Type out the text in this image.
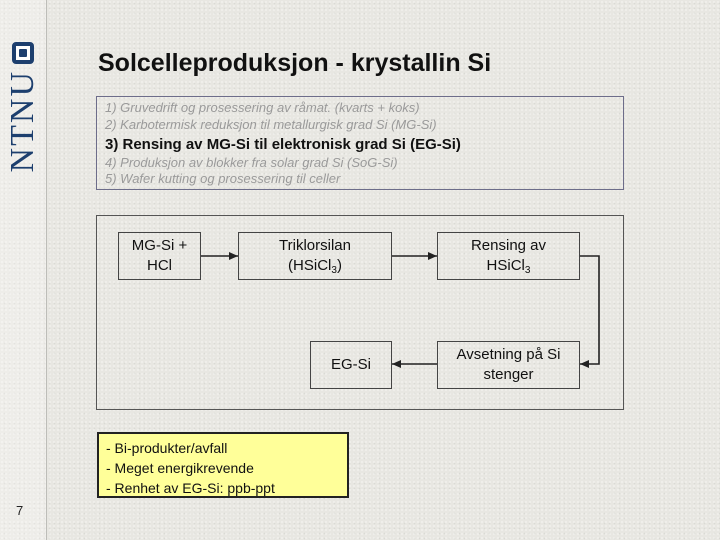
NTNU
7
Solcelleproduksjon - krystallin Si
1) Gruvedrift og prosessering av råmat. (kvarts + koks)
2) Karbotermisk reduksjon til metallurgisk grad Si (MG-Si)
3) Rensing av MG-Si til elektronisk grad Si (EG-Si)
4) Produksjon av blokker fra solar grad Si (SoG-Si)
5) Wafer kutting og prosessering til celler
MG-Si +
HCl
Triklorsilan
(HSiCl$_3$)
Rensing av
HSiCl$_3$
Avsetning på Si
stenger
EG-Si
- Bi-produkter/avfall
- Meget energikrevende
- Renhet av EG-Si: ppb-ppt
